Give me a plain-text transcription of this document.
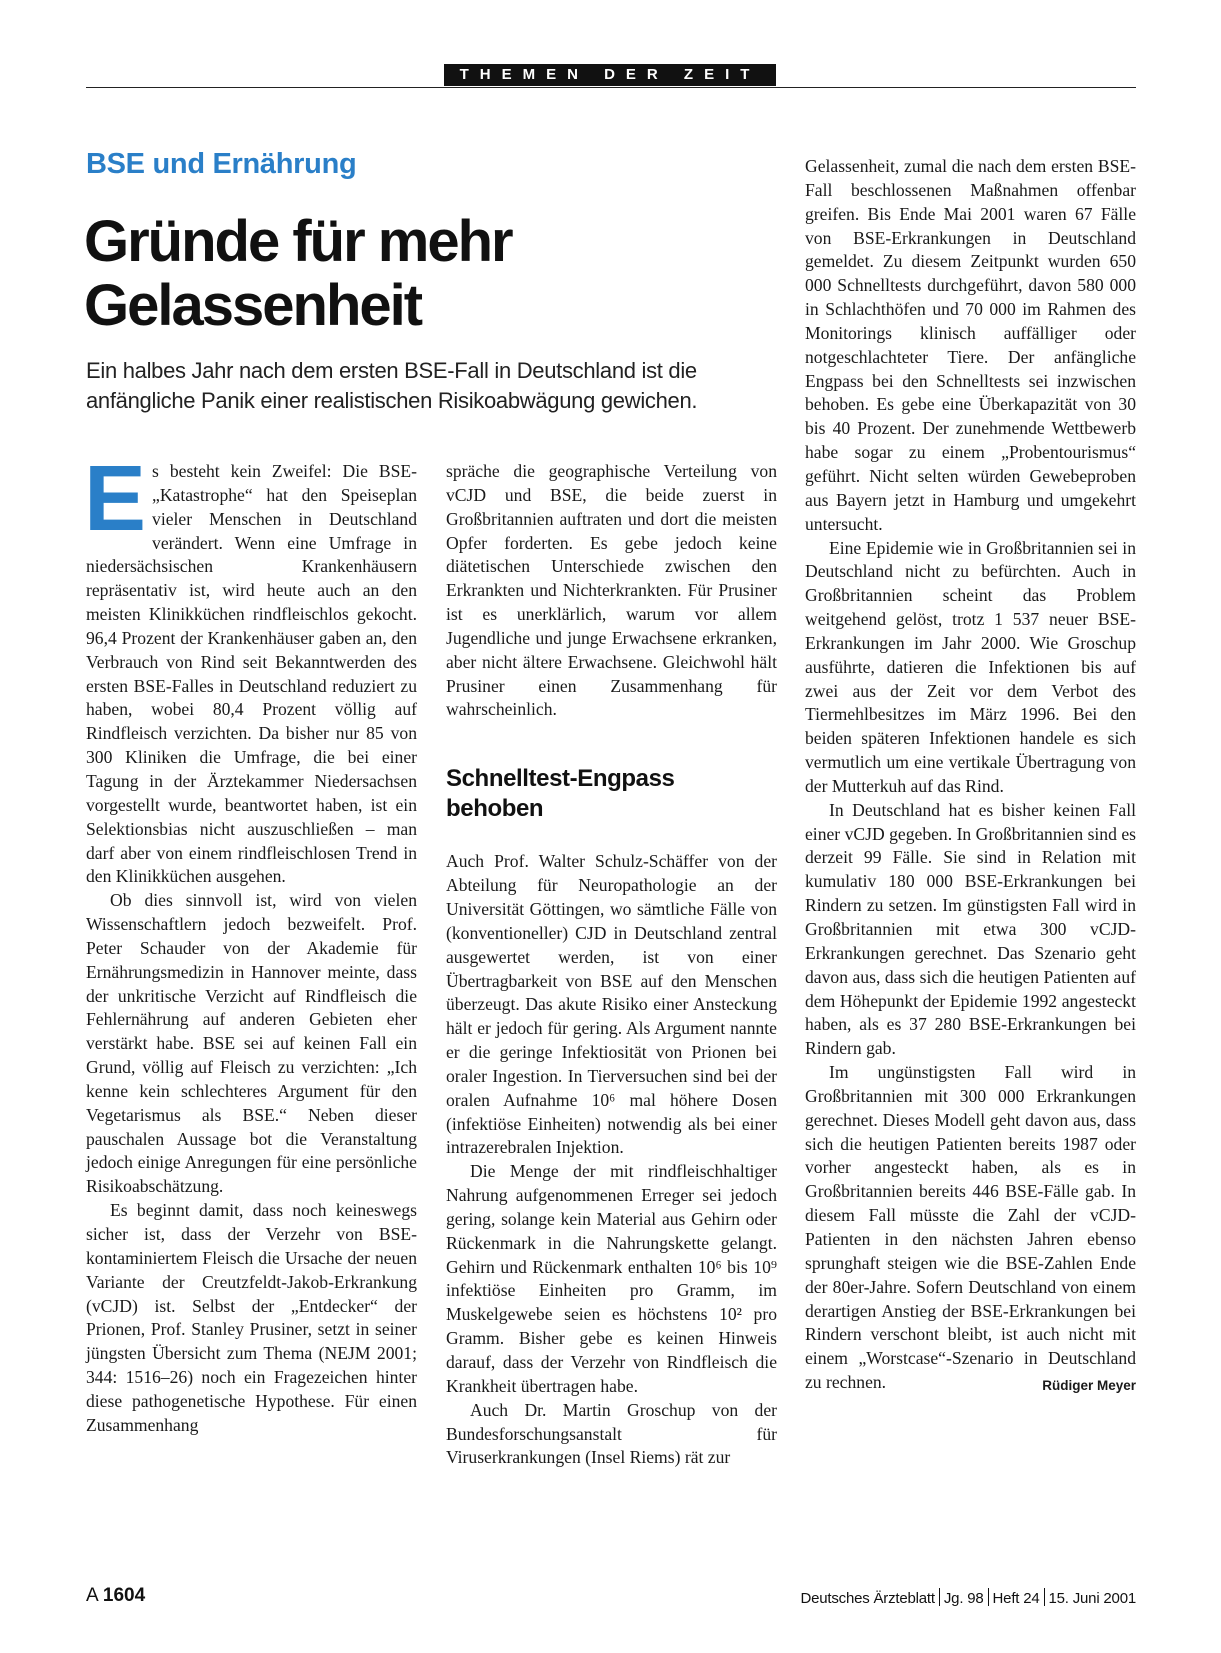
THEMEN DER ZEIT
BSE und Ernährung
Gründe für mehr
Gelassenheit
Ein halbes Jahr nach dem ersten BSE-Fall in Deutschland ist die
anfängliche Panik einer realistischen Risikoabwägung gewichen.

Es besteht kein Zweifel: Die BSE-„Katastrophe“ hat den Speiseplan vieler Menschen in Deutschland verändert. Wenn eine Umfrage in niedersächsischen Krankenhäusern repräsentativ ist, wird heute auch an den meisten Klinikküchen rindfleischlos gekocht. 96,4 Prozent der Krankenhäuser gaben an, den Verbrauch von Rind seit Bekanntwerden des ersten BSE-Falles in Deutschland reduziert zu haben, wobei 80,4 Prozent völlig auf Rindfleisch verzichten. Da bisher nur 85 von 300 Kliniken die Umfrage, die bei einer Tagung in der Ärztekammer Niedersachsen vorgestellt wurde, beantwortet haben, ist ein Selektionsbias nicht auszuschließen – man darf aber von einem rindfleischlosen Trend in den Klinikküchen ausgehen.

Ob dies sinnvoll ist, wird von vielen Wissenschaftlern jedoch bezweifelt. Prof. Peter Schauder von der Akademie für Ernährungsmedizin in Hannover meinte, dass der unkritische Verzicht auf Rindfleisch die Fehlernährung auf anderen Gebieten eher verstärkt habe. BSE sei auf keinen Fall ein Grund, völlig auf Fleisch zu verzichten: „Ich kenne kein schlechteres Argument für den Vegetarismus als BSE.“ Neben dieser pauschalen Aussage bot die Veranstaltung jedoch einige Anregungen für eine persönliche Risikoabschätzung.

Es beginnt damit, dass noch keineswegs sicher ist, dass der Verzehr von BSE-kontaminiertem Fleisch die Ursache der neuen Variante der Creutzfeldt-Jakob-Erkrankung (vCJD) ist. Selbst der „Entdecker“ der Prionen, Prof. Stanley Prusiner, setzt in seiner jüngsten Übersicht zum Thema (NEJM 2001; 344: 1516–26) noch ein Fragezeichen hinter diese pathogenetische Hypothese. Für einen Zusammenhang

spräche die geographische Verteilung von vCJD und BSE, die beide zuerst in Großbritannien auftraten und dort die meisten Opfer forderten. Es gebe jedoch keine diätetischen Unterschiede zwischen den Erkrankten und Nichterkrankten. Für Prusiner ist es unerklärlich, warum vor allem Jugendliche und junge Erwachsene erkranken, aber nicht ältere Erwachsene. Gleichwohl hält Prusiner einen Zusammenhang für wahrscheinlich.

Schnelltest-Engpass behoben

Auch Prof. Walter Schulz-Schäffer von der Abteilung für Neuropathologie an der Universität Göttingen, wo sämtliche Fälle von (konventioneller) CJD in Deutschland zentral ausgewertet werden, ist von einer Übertragbarkeit von BSE auf den Menschen überzeugt. Das akute Risiko einer Ansteckung hält er jedoch für gering. Als Argument nannte er die geringe Infektiosität von Prionen bei oraler Ingestion. In Tierversuchen sind bei der oralen Aufnahme 10⁶ mal höhere Dosen (infektiöse Einheiten) notwendig als bei einer intrazerebralen Injektion.

Die Menge der mit rindfleischhaltiger Nahrung aufgenommenen Erreger sei jedoch gering, solange kein Material aus Gehirn oder Rückenmark in die Nahrungskette gelangt. Gehirn und Rückenmark enthalten 10⁶ bis 10⁹ infektiöse Einheiten pro Gramm, im Muskelgewebe seien es höchstens 10² pro Gramm. Bisher gebe es keinen Hinweis darauf, dass der Verzehr von Rindfleisch die Krankheit übertragen habe.

Auch Dr. Martin Groschup von der Bundesforschungsanstalt für Viruserkrankungen (Insel Riems) rät zur

Gelassenheit, zumal die nach dem ersten BSE-Fall beschlossenen Maßnahmen offenbar greifen. Bis Ende Mai 2001 waren 67 Fälle von BSE-Erkrankungen in Deutschland gemeldet. Zu diesem Zeitpunkt wurden 650 000 Schnelltests durchgeführt, davon 580 000 in Schlachthöfen und 70 000 im Rahmen des Monitorings klinisch auffälliger oder notgeschlachteter Tiere. Der anfängliche Engpass bei den Schnelltests sei inzwischen behoben. Es gebe eine Überkapazität von 30 bis 40 Prozent. Der zunehmende Wettbewerb habe sogar zu einem „Probentourismus“ geführt. Nicht selten würden Gewebeproben aus Bayern jetzt in Hamburg und umgekehrt untersucht.

Eine Epidemie wie in Großbritannien sei in Deutschland nicht zu befürchten. Auch in Großbritannien scheint das Problem weitgehend gelöst, trotz 1 537 neuer BSE-Erkrankungen im Jahr 2000. Wie Groschup ausführte, datieren die Infektionen bis auf zwei aus der Zeit vor dem Verbot des Tiermehlbesitzes im März 1996. Bei den beiden späteren Infektionen handele es sich vermutlich um eine vertikale Übertragung von der Mutterkuh auf das Rind.

In Deutschland hat es bisher keinen Fall einer vCJD gegeben. In Großbritannien sind es derzeit 99 Fälle. Sie sind in Relation mit kumulativ 180 000 BSE-Erkrankungen bei Rindern zu setzen. Im günstigsten Fall wird in Großbritannien mit etwa 300 vCJD-Erkrankungen gerechnet. Das Szenario geht davon aus, dass sich die heutigen Patienten auf dem Höhepunkt der Epidemie 1992 angesteckt haben, als es 37 280 BSE-Erkrankungen bei Rindern gab.

Im ungünstigsten Fall wird in Großbritannien mit 300 000 Erkrankungen gerechnet. Dieses Modell geht davon aus, dass sich die heutigen Patienten bereits 1987 oder vorher angesteckt haben, als es in Großbritannien bereits 446 BSE-Fälle gab. In diesem Fall müsste die Zahl der vCJD-Patienten in den nächsten Jahren ebenso sprunghaft steigen wie die BSE-Zahlen Ende der 80er-Jahre. Sofern Deutschland von einem derartigen Anstieg der BSE-Erkrankungen bei Rindern verschont bleibt, ist auch nicht mit einem „Worstcase“-Szenario in Deutschland zu rechnen.	Rüdiger Meyer

A 1604	Deutsches Ärzteblatt Jg. 98 Heft 24 15. Juni 2001
